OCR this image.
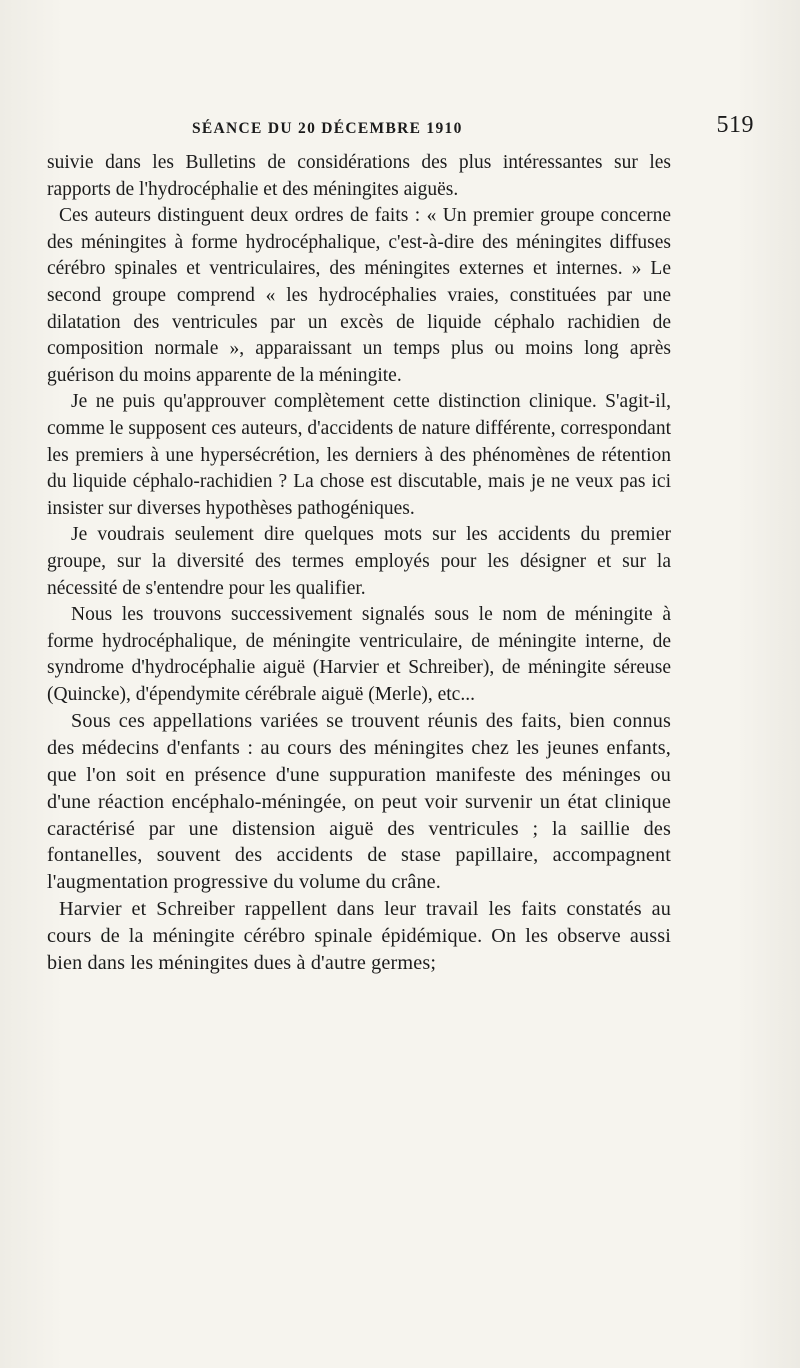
SÉANCE DU 20 DÉCEMBRE 1910	519

suivie dans les Bulletins de considérations des plus intéressantes sur les rapports de l'hydrocéphalie et des méningites aiguës.

Ces auteurs distinguent deux ordres de faits : « Un premier groupe concerne des méningites à forme hydrocéphalique, c'est-à-dire des méningites diffuses cérébro spinales et ventriculaires, des méningites externes et internes. » Le second groupe comprend « les hydrocéphalies vraies, constituées par une dilatation des ventricules par un excès de liquide céphalo rachidien de composition normale », apparaissant un temps plus ou moins long après guérison du moins apparente de la méningite.

Je ne puis qu'approuver complètement cette distinction clinique. S'agit-il, comme le supposent ces auteurs, d'accidents de nature différente, correspondant les premiers à une hypersécrétion, les derniers à des phénomènes de rétention du liquide céphalo-rachidien ? La chose est discutable, mais je ne veux pas ici insister sur diverses hypothèses pathogéniques.

Je voudrais seulement dire quelques mots sur les accidents du premier groupe, sur la diversité des termes employés pour les désigner et sur la nécessité de s'entendre pour les qualifier.

Nous les trouvons successivement signalés sous le nom de méningite à forme hydrocéphalique, de méningite ventriculaire, de méningite interne, de syndrome d'hydrocéphalie aiguë (Harvier et Schreiber), de méningite séreuse (Quincke), d'épendymite cérébrale aiguë (Merle), etc...

Sous ces appellations variées se trouvent réunis des faits, bien connus des médecins d'enfants : au cours des méningites chez les jeunes enfants, que l'on soit en présence d'une suppuration manifeste des méninges ou d'une réaction encéphalo-méningée, on peut voir survenir un état clinique caractérisé par une distension aiguë des ventricules ; la saillie des fontanelles, souvent des accidents de stase papillaire, accompagnent l'augmentation progressive du volume du crâne.

Harvier et Schreiber rappellent dans leur travail les faits constatés au cours de la méningite cérébro spinale épidémique. On les observe aussi bien dans les méningites dues à d'autre germes;
